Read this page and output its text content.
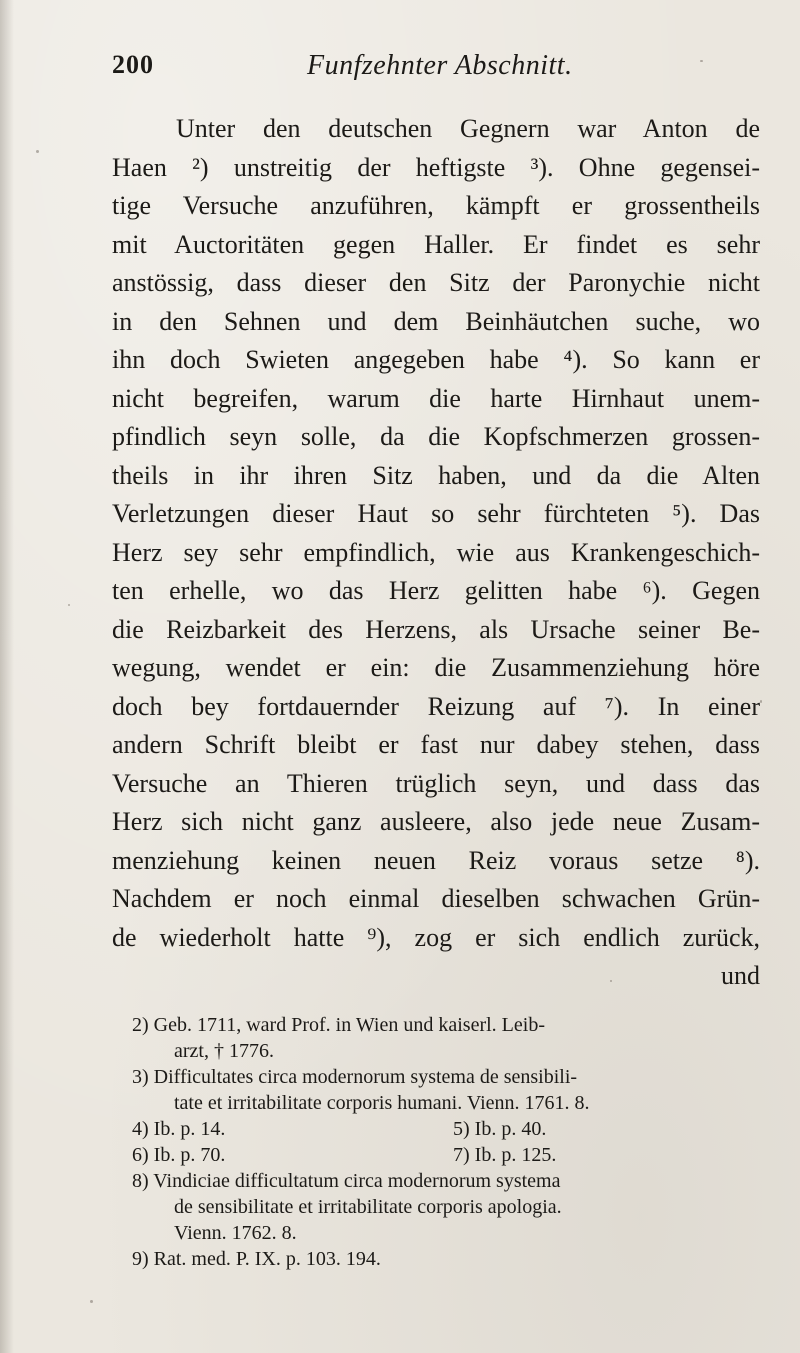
200	Funfzehnter Abschnitt.
Unter den deutschen Gegnern war Anton de
Haen ²) unstreitig der heftigste ³). Ohne gegensei-
tige Versuche anzuführen, kämpft er grossentheils
mit Auctoritäten gegen Haller. Er findet es sehr
anstössig, dass dieser den Sitz der Paronychie nicht
in den Sehnen und dem Beinhäutchen suche, wo
ihn doch Swieten angegeben habe ⁴). So kann er
nicht begreifen, warum die harte Hirnhaut unem-
pfindlich seyn solle, da die Kopfschmerzen grossen-
theils in ihr ihren Sitz haben, und da die Alten
Verletzungen dieser Haut so sehr fürchteten ⁵). Das
Herz sey sehr empfindlich, wie aus Krankengeschich-
ten erhelle, wo das Herz gelitten habe ⁶). Gegen
die Reizbarkeit des Herzens, als Ursache seiner Be-
wegung, wendet er ein: die Zusammenziehung höre
doch bey fortdauernder Reizung auf ⁷). In einer
andern Schrift bleibt er fast nur dabey stehen, dass
Versuche an Thieren trüglich seyn, und dass das
Herz sich nicht ganz ausleere, also jede neue Zusam-
menziehung keinen neuen Reiz voraus setze ⁸).
Nachdem er noch einmal dieselben schwachen Grün-
de wiederholt hatte ⁹), zog er sich endlich zurück,
und
2) Geb. 1711, ward Prof. in Wien und kaiserl. Leib-
arzt, † 1776.
3) Difficultates circa modernorum systema de sensibili-
tate et irritabilitate corporis humani. Vienn. 1761. 8.
4) Ib. p. 14.	5) Ib. p. 40.
6) Ib. p. 70.	7) Ib. p. 125.
8) Vindiciae difficultatum circa modernorum systema
de sensibilitate et irritabilitate corporis apologia.
Vienn. 1762. 8.
9) Rat. med. P. IX. p. 103. 194.
